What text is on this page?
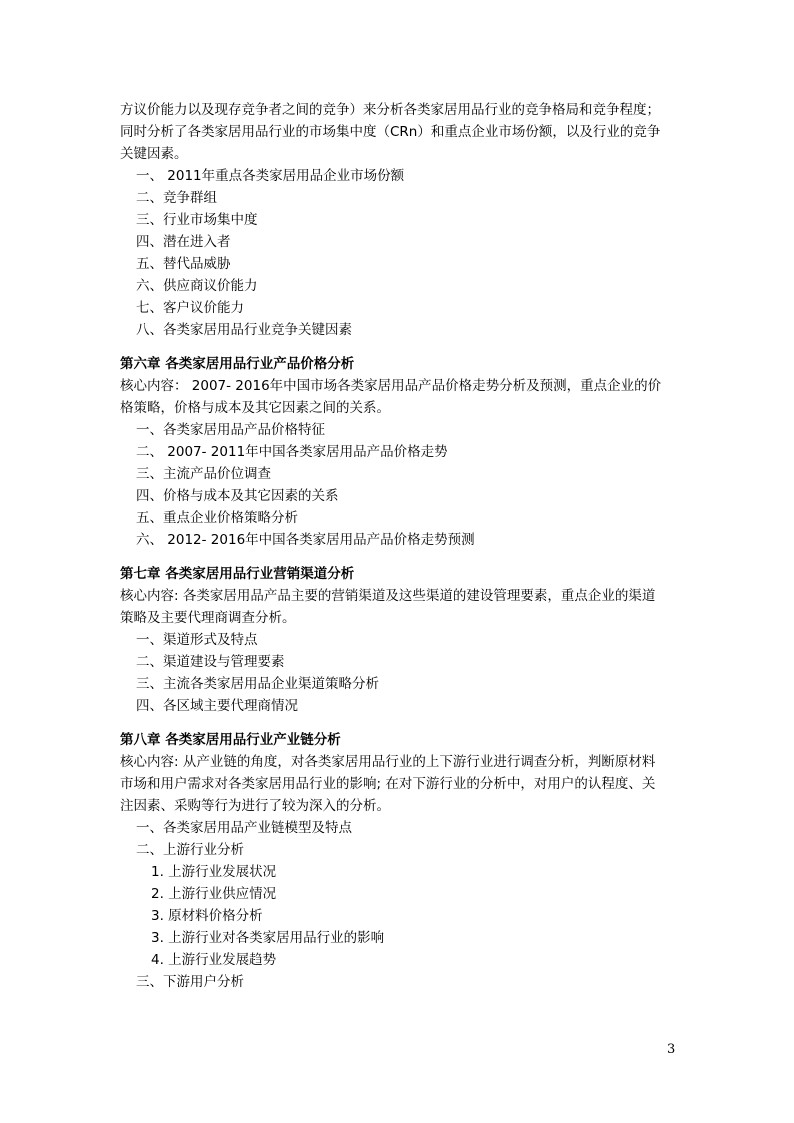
方议价能力以及现存竞争者之间的竞争）来分析各类家居用品行业的竞争格局和竞争程度；
同时分析了各类家居用品行业的市场集中度（CRn）和重点企业市场份额，以及行业的竞争
关键因素。
一、 2011年重点各类家居用品企业市场份额
二、竞争群组
三、行业市场集中度
四、潜在进入者
五、替代品威胁
六、供应商议价能力
七、客户议价能力
八、各类家居用品行业竞争关键因素
第六章 各类家居用品行业产品价格分析
核心内容： 2007- 2016年中国市场各类家居用品产品价格走势分析及预测，重点企业的价
格策略，价格与成本及其它因素之间的关系。
一、各类家居用品产品价格特征
二、 2007- 2011年中国各类家居用品产品价格走势
三、主流产品价位调查
四、价格与成本及其它因素的关系
五、重点企业价格策略分析
六、 2012- 2016年中国各类家居用品产品价格走势预测
第七章 各类家居用品行业营销渠道分析
核心内容: 各类家居用品产品主要的营销渠道及这些渠道的建设管理要素，重点企业的渠道
策略及主要代理商调查分析。
一、渠道形式及特点
二、渠道建设与管理要素
三、主流各类家居用品企业渠道策略分析
四、各区域主要代理商情况
第八章 各类家居用品行业产业链分析
核心内容: 从产业链的角度，对各类家居用品行业的上下游行业进行调查分析，判断原材料
市场和用户需求对各类家居用品行业的影响; 在对下游行业的分析中，对用户的认程度、关
注因素、采购等行为进行了较为深入的分析。
一、各类家居用品产业链模型及特点
二、上游行业分析
1. 上游行业发展状况
2. 上游行业供应情况
3. 原材料价格分析
3. 上游行业对各类家居用品行业的影响
4. 上游行业发展趋势
三、下游用户分析
3
